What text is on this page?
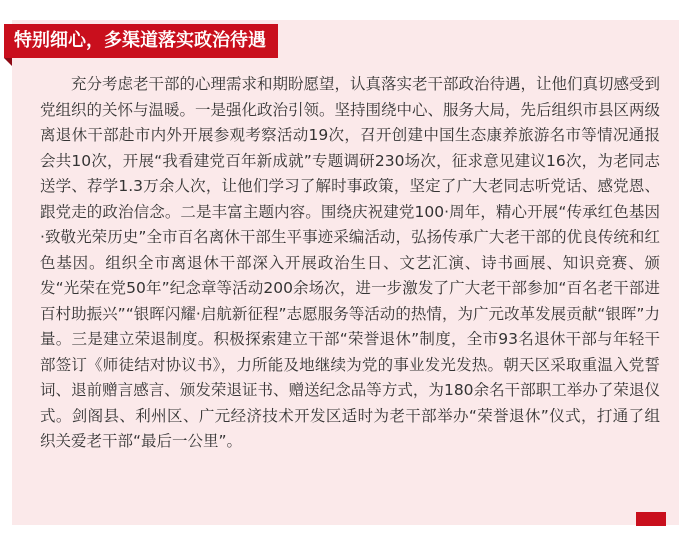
特别细心，多渠道落实政治待遇

充分考虑老干部的心理需求和期盼愿望，认真落实老干部政治待遇，让他们真切感受到党组织的关怀与温暖。一是强化政治引领。坚持围绕中心、服务大局，先后组织市县区两级离退休干部赴市内外开展参观考察活动19次，召开创建中国生态康养旅游名市等情况通报会共10次，开展“我看建党百年新成就”专题调研230场次，征求意见建议16次，为老同志送学、荐学1.3万余人次，让他们学习了解时事政策，坚定了广大老同志听党话、感党恩、跟党走的政治信念。二是丰富主题内容。围绕庆祝建党100·周年，精心开展“传承红色基因·致敬光荣历史”全市百名离休干部生平事迹采编活动，弘扬传承广大老干部的优良传统和红色基因。组织全市离退休干部深入开展政治生日、文艺汇演、诗书画展、知识竞赛、颁发“光荣在党50年”纪念章等活动200余场次，进一步激发了广大老干部参加“百名老干部进百村助振兴”“银晖闪耀·启航新征程”志愿服务等活动的热情，为广元改革发展贡献“银晖”力量。三是建立荣退制度。积极探索建立干部“荣誉退休”制度，全市93名退休干部与年轻干部签订《师徒结对协议书》，力所能及地继续为党的事业发光发热。朝天区采取重温入党誓词、退前赠言感言、颁发荣退证书、赠送纪念品等方式，为180余名干部职工举办了荣退仪式。剑阁县、利州区、广元经济技术开发区适时为老干部举办“荣誉退休”仪式，打通了组织关爱老干部“最后一公里”。
